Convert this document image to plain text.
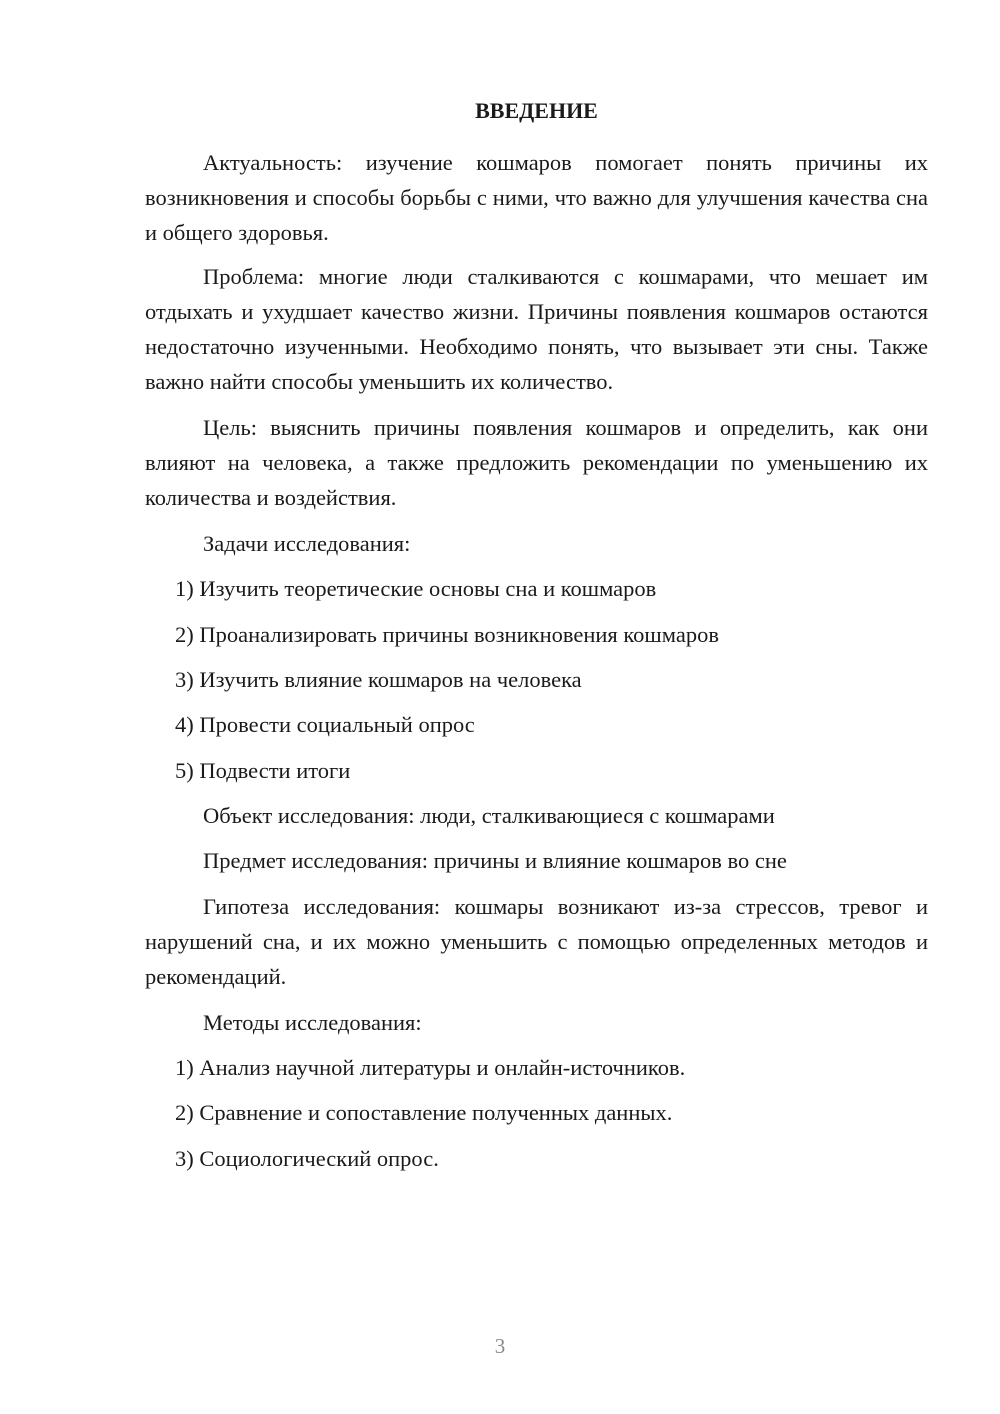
ВВЕДЕНИЕ

Актуальность: изучение кошмаров помогает понять причины их возникновения и способы борьбы с ними, что важно для улучшения качества сна и общего здоровья.

Проблема: многие люди сталкиваются с кошмарами, что мешает им отдыхать и ухудшает качество жизни. Причины появления кошмаров остаются недостаточно изученными. Необходимо понять, что вызывает эти сны. Также важно найти способы уменьшить их количество.

Цель: выяснить причины появления кошмаров и определить, как они влияют на человека, а также предложить рекомендации по уменьшению их количества и воздействия.

Задачи исследования:

1) Изучить теоретические основы сна и кошмаров

2) Проанализировать причины возникновения кошмаров

3) Изучить влияние кошмаров на человека

4) Провести социальный опрос

5) Подвести итоги

Объект исследования: люди, сталкивающиеся с кошмарами

Предмет исследования: причины и влияние кошмаров во сне

Гипотеза исследования: кошмары возникают из-за стрессов, тревог и нарушений сна, и их можно уменьшить с помощью определенных методов и рекомендаций.

Методы исследования:

1) Анализ научной литературы и онлайн-источников.

2) Сравнение и сопоставление полученных данных.

3) Социологический опрос.

3
